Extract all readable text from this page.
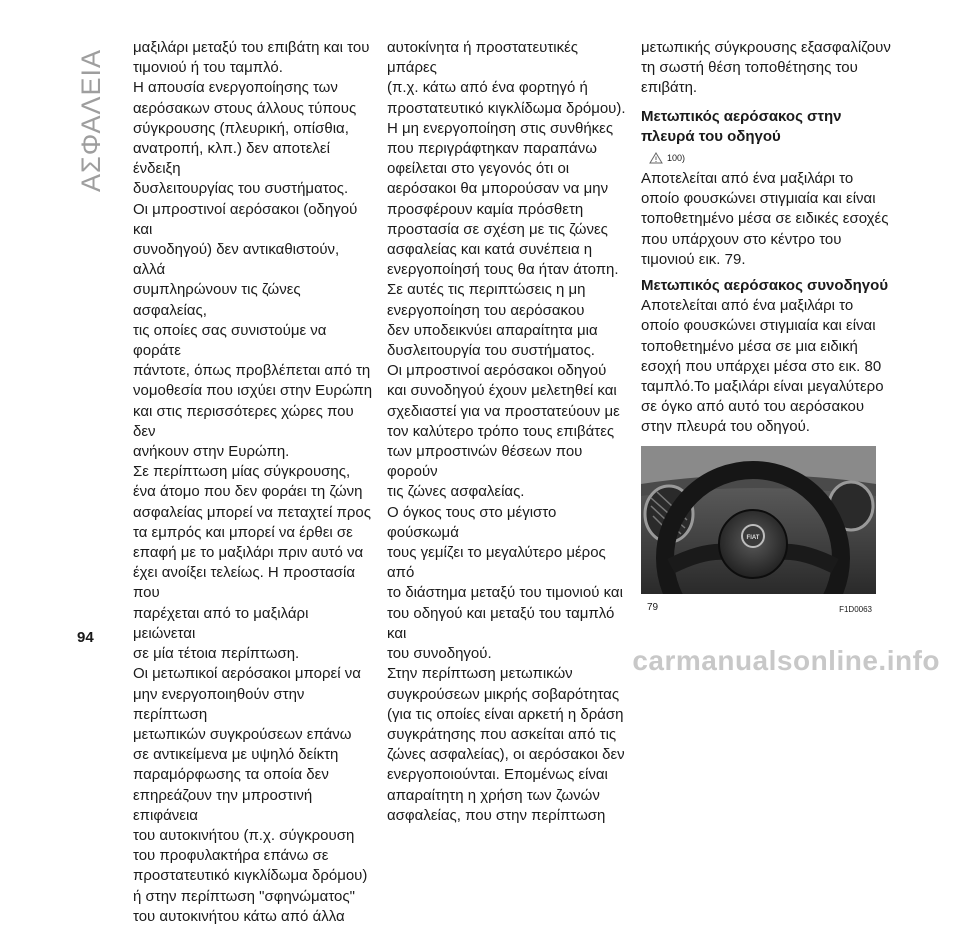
ΑΣΦΑΛΕΙΑ

μαξιλάρι μεταξύ του επιβάτη και του

τιμονιού ή του ταμπλό.

Η απουσία ενεργοποίησης των

αερόσακων στους άλλους τύπους

σύγκρουσης (πλευρική, οπίσθια,

ανατροπή, κλπ.) δεν αποτελεί ένδειξη

δυσλειτουργίας του συστήματος.

Οι μπροστινοί αερόσακοι (οδηγού και

συνοδηγού) δεν αντικαθιστούν, αλλά

συμπληρώνουν τις ζώνες ασφαλείας,

τις οποίες σας συνιστούμε να φοράτε

πάντοτε, όπως προβλέπεται από τη

νομοθεσία που ισχύει στην Ευρώπη

και στις περισσότερες χώρες που δεν

ανήκουν στην Ευρώπη.

Σε περίπτωση μίας σύγκρουσης,

ένα άτομο που δεν φοράει τη ζώνη

ασφαλείας μπορεί να πεταχτεί προς

τα εμπρός και μπορεί να έρθει σε

επαφή με το μαξιλάρι πριν αυτό να

έχει ανοίξει τελείως. Η προστασία που

παρέχεται από το μαξιλάρι μειώνεται

σε μία τέτοια περίπτωση.

Οι μετωπικοί αερόσακοι μπορεί να

μην ενεργοποιηθούν στην περίπτωση

μετωπικών συγκρούσεων επάνω

σε αντικείμενα με υψηλό δείκτη

παραμόρφωσης τα οποία δεν

επηρεάζουν την μπροστινή επιφάνεια

του αυτοκινήτου (π.χ. σύγκρουση

του προφυλακτήρα επάνω σε

προστατευτικό κιγκλίδωμα δρόμου)

ή στην περίπτωση "σφηνώματος"

του αυτοκινήτου κάτω από άλλα

αυτοκίνητα ή προστατευτικές μπάρες

(π.χ. κάτω από ένα φορτηγό ή

προστατευτικό κιγκλίδωμα δρόμου).

Η μη ενεργοποίηση στις συνθήκες

που περιγράφτηκαν παραπάνω

οφείλεται στο γεγονός ότι οι

αερόσακοι θα μπορούσαν να μην

προσφέρουν καμία πρόσθετη

προστασία σε σχέση με τις ζώνες

ασφαλείας και κατά συνέπεια η

ενεργοποίησή τους θα ήταν άτοπη.

Σε αυτές τις περιπτώσεις η μη

ενεργοποίηση του αερόσακου

δεν υποδεικνύει απαραίτητα μια

δυσλειτουργία του συστήματος.

Οι μπροστινοί αερόσακοι οδηγού

και συνοδηγού έχουν μελετηθεί και

σχεδιαστεί για να προστατεύουν με

τον καλύτερο τρόπο τους επιβάτες

των μπροστινών θέσεων που φορούν

τις ζώνες ασφαλείας.

Ο όγκος τους στο μέγιστο φούσκωμά

τους γεμίζει το μεγαλύτερο μέρος από

το διάστημα μεταξύ του τιμονιού και

του οδηγού και μεταξύ του ταμπλό και

του συνοδηγού.

Στην περίπτωση μετωπικών

συγκρούσεων μικρής σοβαρότητας

(για τις οποίες είναι αρκετή η δράση

συγκράτησης που ασκείται από τις

ζώνες ασφαλείας), οι αερόσακοι δεν

ενεργοποιούνται. Επομένως είναι

απαραίτητη η χρήση των ζωνών

ασφαλείας, που στην περίπτωση

μετωπικής σύγκρουσης εξασφαλίζουν

τη σωστή θέση τοποθέτησης του

επιβάτη.

Μετωπικός αερόσακος στην

πλευρά του οδηγού

100)

Αποτελείται από ένα μαξιλάρι το

οποίο φουσκώνει στιγμιαία και είναι

τοποθετημένο μέσα σε ειδικές εσοχές

που υπάρχουν στο κέντρο του

τιμονιού εικ. 79.

Μετωπικός αερόσακος συνοδηγού

Αποτελείται από ένα μαξιλάρι το

οποίο φουσκώνει στιγμιαία και είναι

τοποθετημένο μέσα σε μια ειδική

εσοχή που υπάρχει μέσα στο εικ. 80

ταμπλό.Το μαξιλάρι είναι μεγαλύτερο

σε όγκο από αυτό του αερόσακου

στην πλευρά του οδηγού.

FIAT
79	F1D0063
94
carmanualsonline.info
